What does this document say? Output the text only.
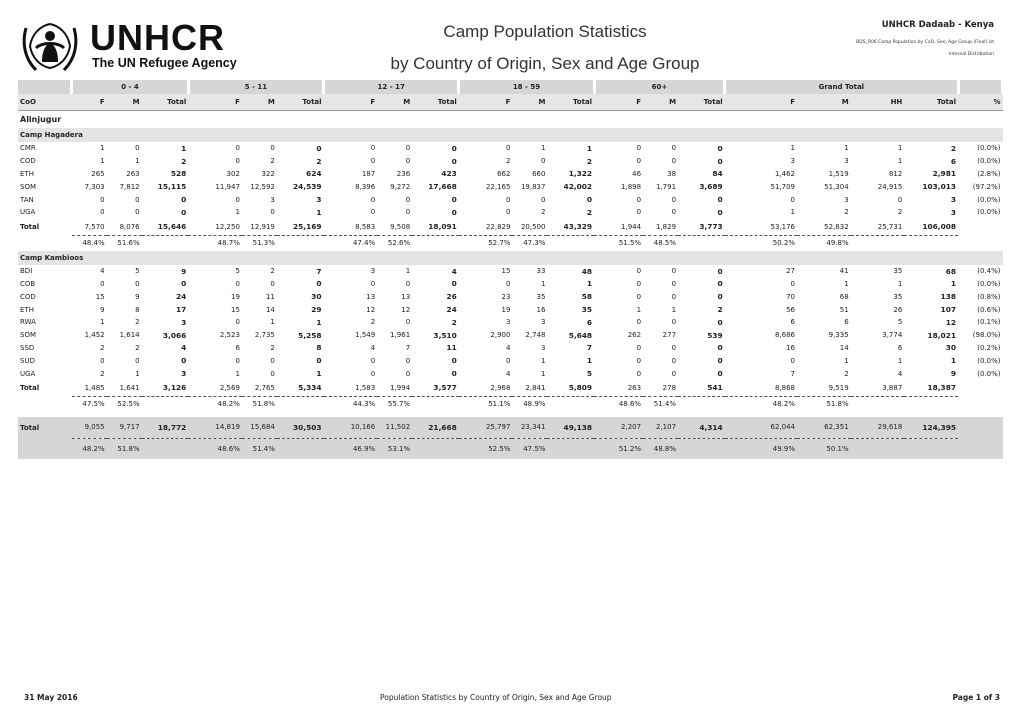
UNHCR
The UN Refugee Agency
Camp Population Statistics
by Country of Origin, Sex and Age Group
UNHCR Dadaab - Kenya
BDS_R06 Camp Population by CoO, Sex, Age Group (Final).lst
Internal Distribution
	0 - 4			5 - 11			12 - 17			18 - 59			60+			Grand Total				
CoO	F	M	Total	F	M	Total	F	M	Total	F	M	Total	F	M	Total	F	M	HH	Total	%
Alinjugur																				
Camp Hagadera																				
CMR	1	0	1	0	0	0	0	0	0	0	1	1	0	0	0	1	1	1	2	(0.0%)
COD	1	1	2	0	2	2	0	0	0	2	0	2	0	0	0	3	3	1	6	(0.0%)
ETH	265	263	528	302	322	624	187	236	423	662	660	1,322	46	38	84	1,462	1,519	812	2,981	(2.8%)
SOM	7,303	7,812	15,115	11,947	12,592	24,539	8,396	9,272	17,668	22,165	19,837	42,002	1,898	1,791	3,689	51,709	51,304	24,915	103,013	(97.2%)
TAN	0	0	0	0	3	3	0	0	0	0	0	0	0	0	0	0	3	0	3	(0.0%)
UGA	0	0	0	1	0	1	0	0	0	0	2	2	0	0	0	1	2	2	3	(0.0%)
Total	7,570	8,076	15,646	12,250	12,919	25,169	8,583	9,508	18,091	22,829	20,500	43,329	1,944	1,829	3,773	53,176	52,832	25,731	106,008	
	48.4%	51.6%		48.7%	51.3%		47.4%	52.6%		52.7%	47.3%		51.5%	48.5%		50.2%	49.8%			
Camp Kambioos																				
BDI	4	5	9	5	2	7	3	1	4	15	33	48	0	0	0	27	41	35	68	(0.4%)
COB	0	0	0	0	0	0	0	0	0	0	1	1	0	0	0	0	1	1	1	(0.0%)
COD	15	9	24	19	11	30	13	13	26	23	35	58	0	0	0	70	68	35	138	(0.8%)
ETH	9	8	17	15	14	29	12	12	24	19	16	35	1	1	2	56	51	26	107	(0.6%)
RWA	1	2	3	0	1	1	2	0	2	3	3	6	0	0	0	6	6	5	12	(0.1%)
SOM	1,452	1,614	3,066	2,523	2,735	5,258	1,549	1,961	3,510	2,900	2,748	5,648	262	277	539	8,686	9,335	3,774	18,021	(98.0%)
SSD	2	2	4	6	2	8	4	7	11	4	3	7	0	0	0	16	14	6	30	(0.2%)
SUD	0	0	0	0	0	0	0	0	0	0	1	1	0	0	0	0	1	1	1	(0.0%)
UGA	2	1	3	1	0	1	0	0	0	4	1	5	0	0	0	7	2	4	9	(0.0%)
Total	1,485	1,641	3,126	2,569	2,765	5,334	1,583	1,994	3,577	2,968	2,841	5,809	263	278	541	8,868	9,519	3,887	18,387	
	47.5%	52.5%		48.2%	51.8%		44.3%	55.7%		51.1%	48.9%		48.6%	51.4%		48.2%	51.8%			

Total	9,055	9,717	18,772	14,819	15,684	30,503	10,166	11,502	21,668	25,797	23,341	49,138	2,207	2,107	4,314	62,044	62,351	29,618	124,395	
	48.2%	51.8%		48.6%	51.4%		46.9%	53.1%		52.5%	47.5%		51.2%	48.8%		49.9%	50.1%			
31 May 2016	Population Statistics by Country of Origin, Sex and Age Group	Page 1 of 3
